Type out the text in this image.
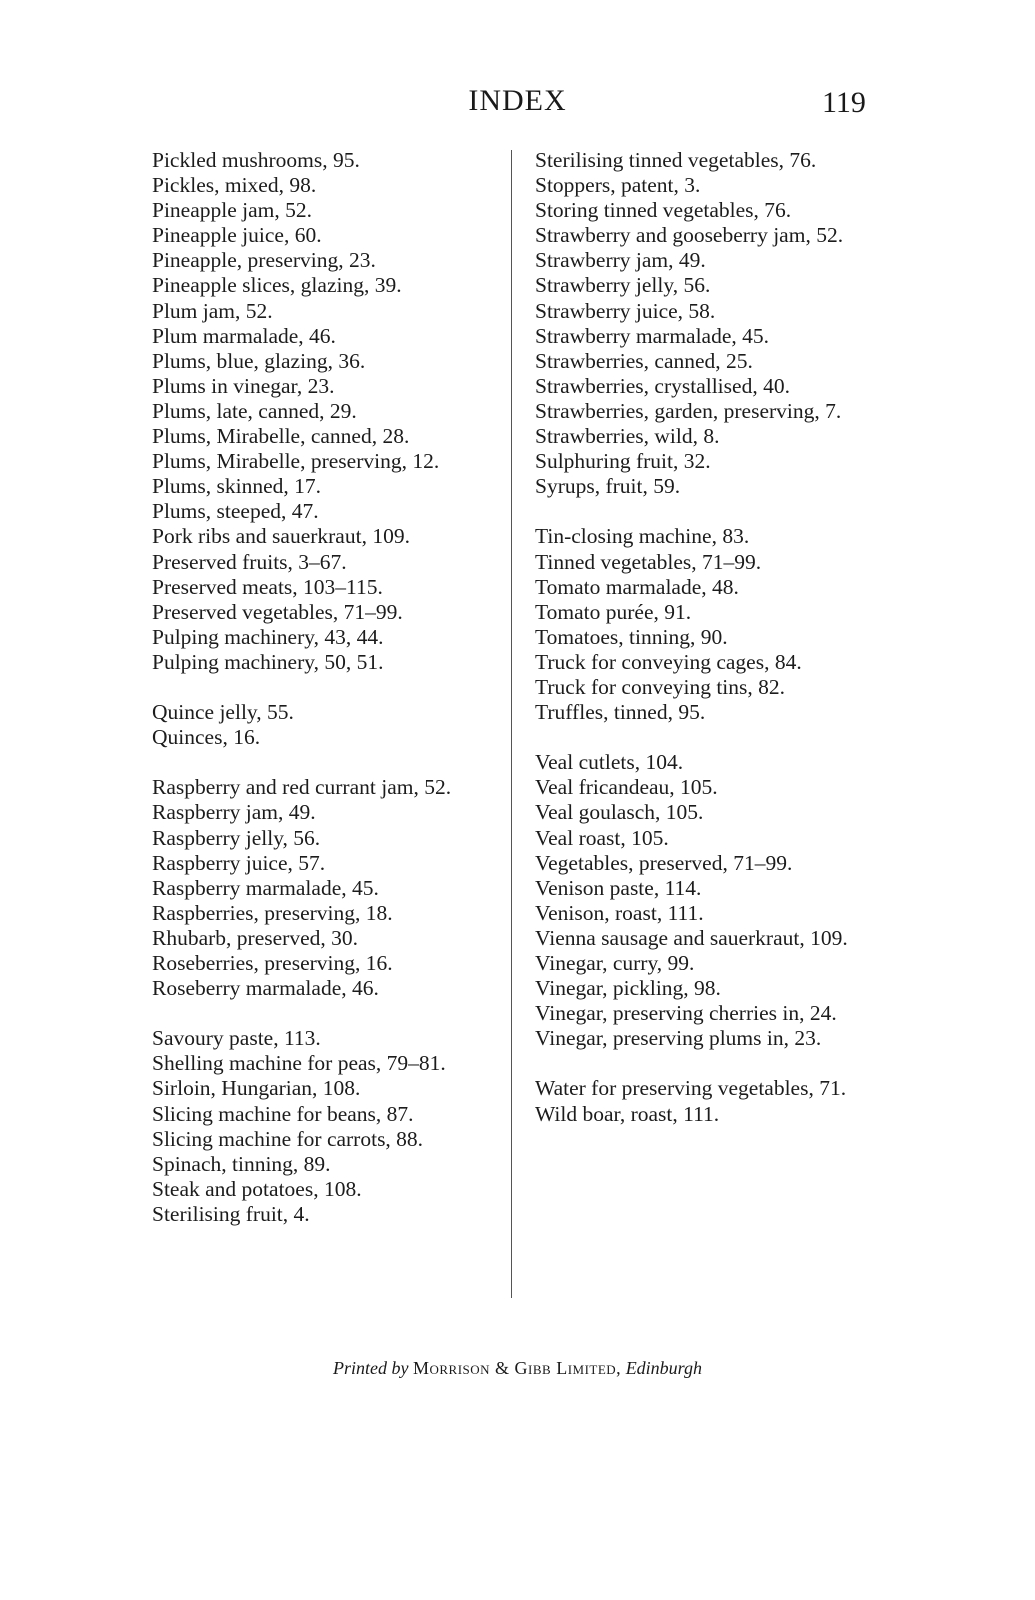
INDEX	119
Pickled mushrooms, 95.
Pickles, mixed, 98.
Pineapple jam, 52.
Pineapple juice, 60.
Pineapple, preserving, 23.
Pineapple slices, glazing, 39.
Plum jam, 52.
Plum marmalade, 46.
Plums, blue, glazing, 36.
Plums in vinegar, 23.
Plums, late, canned, 29.
Plums, Mirabelle, canned, 28.
Plums, Mirabelle, preserving, 12.
Plums, skinned, 17.
Plums, steeped, 47.
Pork ribs and sauerkraut, 109.
Preserved fruits, 3–67.
Preserved meats, 103–115.
Preserved vegetables, 71–99.
Pulping machinery, 43, 44.
Pulping machinery, 50, 51.
Quince jelly, 55.
Quinces, 16.
Raspberry and red currant jam, 52.
Raspberry jam, 49.
Raspberry jelly, 56.
Raspberry juice, 57.
Raspberry marmalade, 45.
Raspberries, preserving, 18.
Rhubarb, preserved, 30.
Roseberries, preserving, 16.
Roseberry marmalade, 46.
Savoury paste, 113.
Shelling machine for peas, 79–81.
Sirloin, Hungarian, 108.
Slicing machine for beans, 87.
Slicing machine for carrots, 88.
Spinach, tinning, 89.
Steak and potatoes, 108.
Sterilising fruit, 4.
Sterilising tinned vegetables, 76.
Stoppers, patent, 3.
Storing tinned vegetables, 76.
Strawberry and gooseberry jam, 52.
Strawberry jam, 49.
Strawberry jelly, 56.
Strawberry juice, 58.
Strawberry marmalade, 45.
Strawberries, canned, 25.
Strawberries, crystallised, 40.
Strawberries, garden, preserving, 7.
Strawberries, wild, 8.
Sulphuring fruit, 32.
Syrups, fruit, 59.
Tin-closing machine, 83.
Tinned vegetables, 71–99.
Tomato marmalade, 48.
Tomato purée, 91.
Tomatoes, tinning, 90.
Truck for conveying cages, 84.
Truck for conveying tins, 82.
Truffles, tinned, 95.
Veal cutlets, 104.
Veal fricandeau, 105.
Veal goulasch, 105.
Veal roast, 105.
Vegetables, preserved, 71–99.
Venison paste, 114.
Venison, roast, 111.
Vienna sausage and sauerkraut, 109.
Vinegar, curry, 99.
Vinegar, pickling, 98.
Vinegar, preserving cherries in, 24.
Vinegar, preserving plums in, 23.
Water for preserving vegetables, 71.
Wild boar, roast, 111.
Printed by Morrison & Gibb Limited, Edinburgh
